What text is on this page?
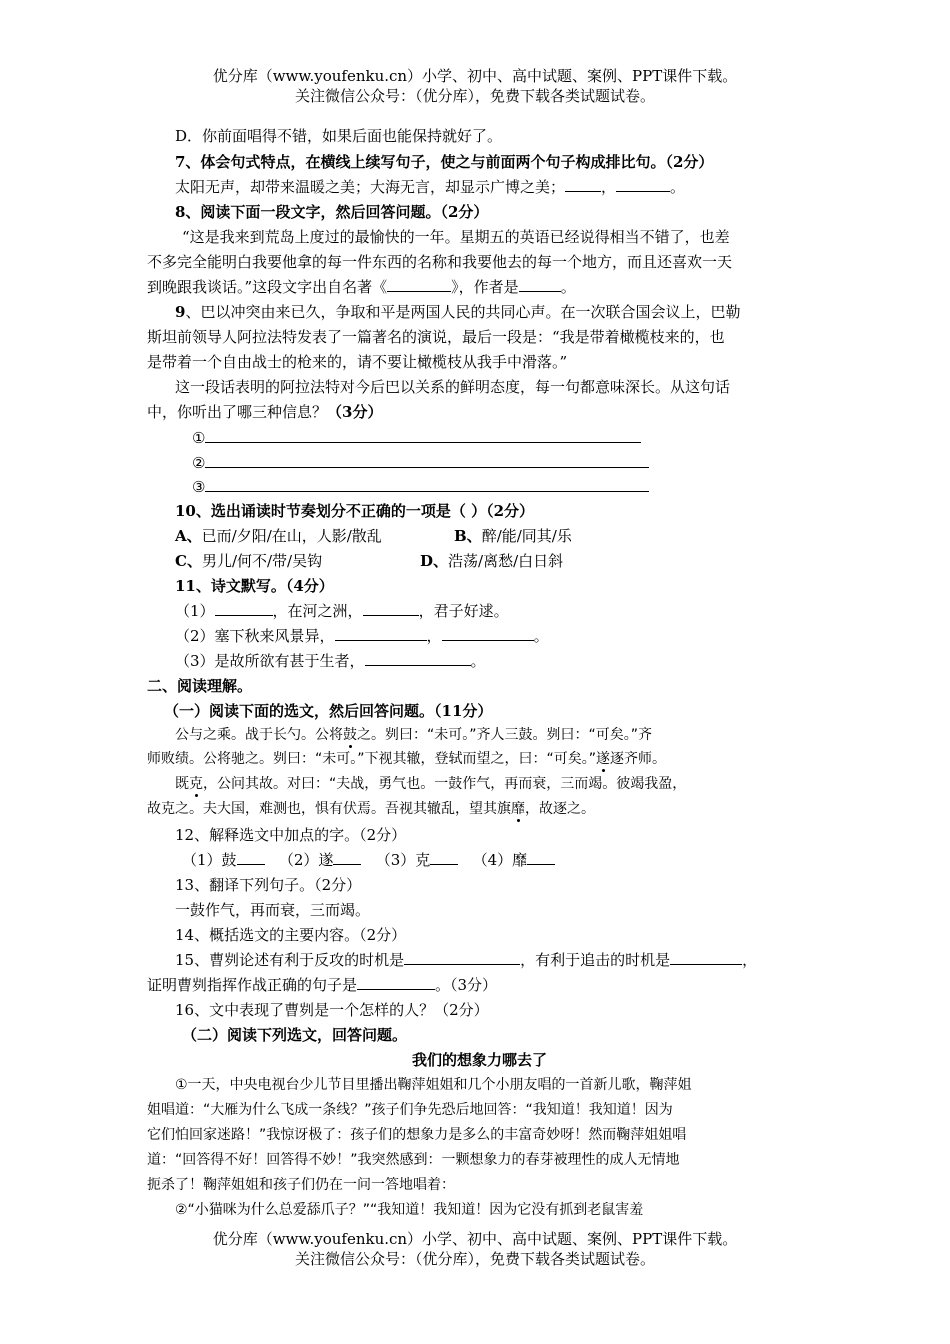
优分库（www.youfenku.cn）小学、初中、高中试题、案例、PPT课件下载。
关注微信公众号：（优分库），免费下载各类试题试卷。
D．你前面唱得不错，如果后面也能保持就好了。
7、体会句式特点，在横线上续写句子，使之与前面两个句子构成排比句。（2分）
太阳无声，却带来温暖之美；大海无言，却显示广博之美； ，	。
8、阅读下面一段文字，然后回答问题。（2分）
“这是我来到荒岛上度过的最愉快的一年。星期五的英语已经说得相当不错了，也差
不多完全能明白我要他拿的每一件东西的名称和我要他去的每一个地方，而且还喜欢一天
到晚跟我谈话。”这段文字出自名著《	》，作者是	。
9、巴以冲突由来已久，争取和平是两国人民的共同心声。在一次联合国会议上，巴勒
斯坦前领导人阿拉法特发表了一篇著名的演说，最后一段是：“我是带着橄榄枝来的，也
是带着一个自由战士的枪来的，请不要让橄榄枝从我手中滑落。”
这一段话表明的阿拉法特对今后巴以关系的鲜明态度，每一句都意味深长。从这句话
中，你听出了哪三种信息？（3分）
①
②
③
10、选出诵读时节奏划分不正确的一项是（ ）（2分）
A、已而/夕阳/在山，人影/散乱	B、醉/能/同其/乐
C、男儿/何不/带/吴钩	D、浩荡/离愁/白日斜
11、诗文默写。（4分）
（1）	，在河之洲，	，君子好逑。
（2）塞下秋来风景异，	，	。
（3）是故所欲有甚于生者，	。
二、阅读理解。
（一）阅读下面的选文，然后回答问题。（11分）
公与之乘。战于长勺。公将鼓之。刿曰：“未可。”齐人三鼓。刿曰：“可矣。”齐
师败绩。公将驰之。刿曰：“未可。”下视其辙，登轼而望之，曰：“可矣。”遂逐齐师。
既克，公问其故。对曰：“夫战，勇气也。一鼓作气，再而衰，三而竭。彼竭我盈，
故克之。夫大国，难测也，惧有伏焉。吾视其辙乱，望其旗靡，故逐之。
12、解释选文中加点的字。（2分）
（1）鼓	（2）遂	（3）克	（4）靡
13、翻译下列句子。（2分）
一鼓作气，再而衰，三而竭。
14、概括选文的主要内容。（2分）
15、曹刿论述有利于反攻的时机是	，有利于追击的时机是	，
证明曹刿指挥作战正确的句子是	。（3分）
16、文中表现了曹刿是一个怎样的人？（2分）
（二）阅读下列选文，回答问题。
我们的想象力哪去了
①一天，中央电视台少儿节目里播出鞠萍姐姐和几个小朋友唱的一首新儿歌，鞠萍姐
姐唱道：“大雁为什么飞成一条线？”孩子们争先恐后地回答：“我知道！我知道！因为
它们怕回家迷路！”我惊讶极了：孩子们的想象力是多么的丰富奇妙呀！然而鞠萍姐姐唱
道：“回答得不好！回答得不妙！”我突然感到：一颗想象力的春芽被理性的成人无情地
扼杀了！鞠萍姐姐和孩子们仍在一问一答地唱着：
②“小猫咪为什么总爱舔爪子？”“我知道！我知道！因为它没有抓到老鼠害羞
优分库（www.youfenku.cn）小学、初中、高中试题、案例、PPT课件下载。
关注微信公众号：（优分库），免费下载各类试题试卷。
